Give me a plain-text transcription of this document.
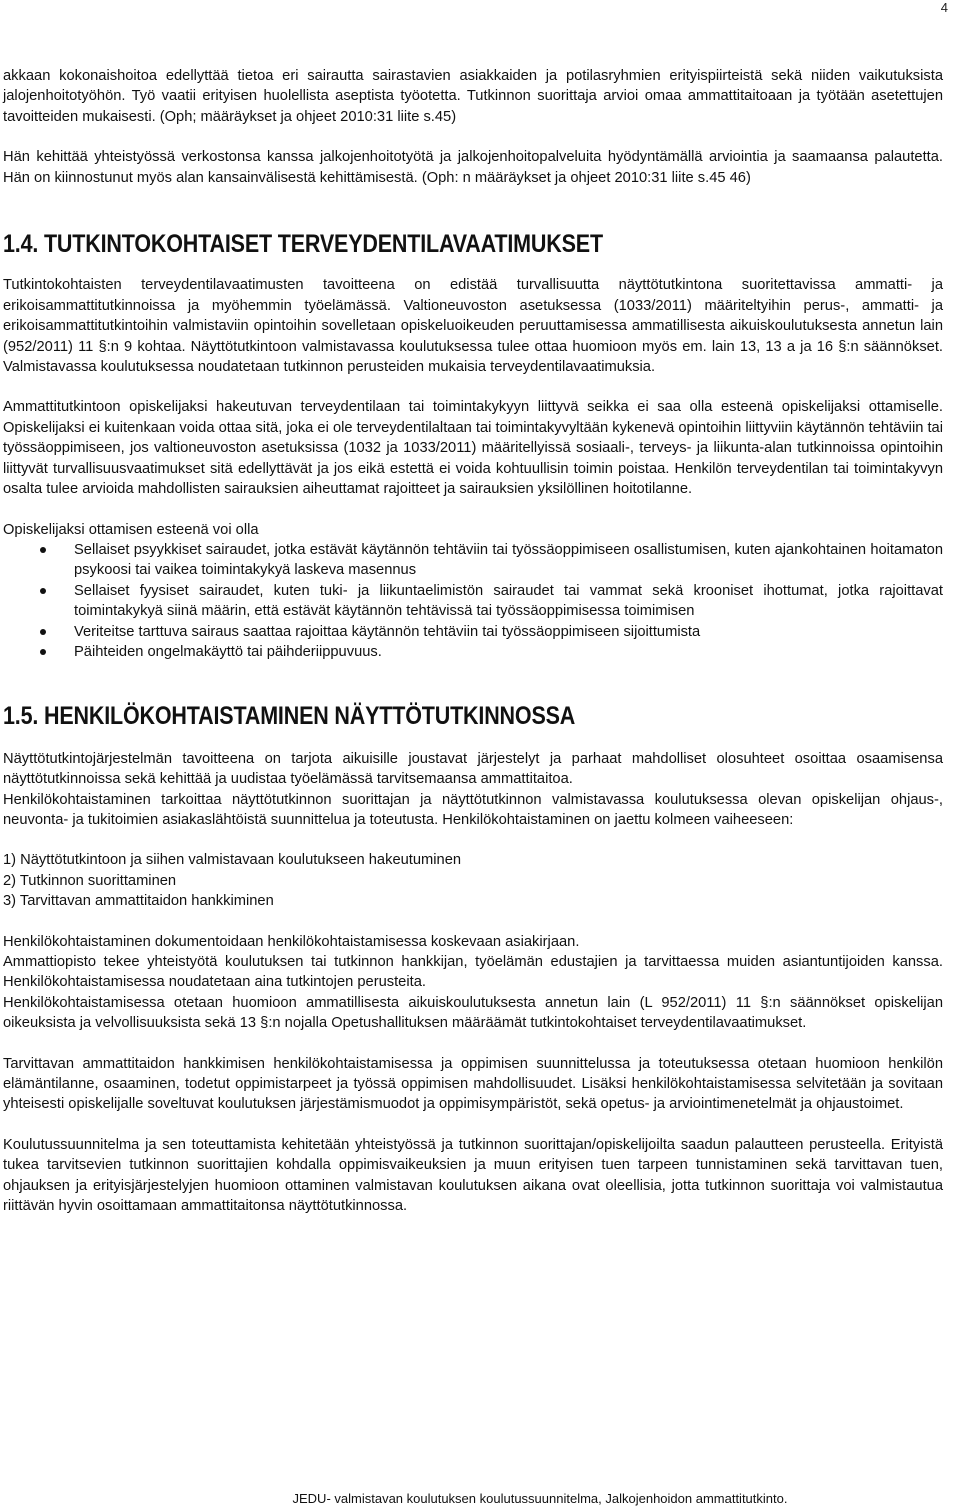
4

akkaan kokonaishoitoa edellyttää tietoa eri sairautta sairastavien asiakkaiden ja potilasryhmien erityispiirteistä sekä niiden vaikutuksista jalojenhoitotyöhön. Työ vaatii erityisen huolellista aseptista työotetta. Tutkinnon suorittaja arvioi omaa ammattitaitoaan ja työtään asetettujen tavoitteiden mukaisesti. (Oph; määräykset ja ohjeet 2010:31 liite s.45)

Hän kehittää yhteistyössä verkostonsa kanssa jalkojenhoitotyötä ja jalkojenhoitopalveluita hyödyntämällä arviointia ja saamaansa palautetta. Hän on kiinnostunut myös alan kansainvälisestä kehittämisestä. (Oph: n määräykset ja ohjeet 2010:31 liite s.45 46)

1.4. TUTKINTOKOHTAISET TERVEYDENTILAVAATIMUKSET

Tutkintokohtaisten terveydentilavaatimusten tavoitteena on edistää turvallisuutta näyttötutkintona suoritettavissa ammatti- ja erikoisammattitutkinnoissa ja myöhemmin työelämässä. Valtioneuvoston asetuksessa (1033/2011) määriteltyihin perus-, ammatti- ja erikoisammattitutkintoihin valmistaviin opintoihin sovelletaan opiskeluoikeuden peruuttamisessa ammatillisesta aikuiskoulutuksesta annetun lain (952/2011) 11 §:n 9 kohtaa. Näyttötutkintoon valmistavassa koulutuksessa tulee ottaa huomioon myös em. lain 13, 13 a ja 16 §:n säännökset. Valmistavassa koulutuksessa noudatetaan tutkinnon perusteiden mukaisia terveydentilavaatimuksia.

Ammattitutkintoon opiskelijaksi hakeutuvan terveydentilaan tai toimintakykyyn liittyvä seikka ei saa olla esteenä opiskelijaksi ottamiselle. Opiskelijaksi ei kuitenkaan voida ottaa sitä, joka ei ole terveydentilaltaan tai toimintakyvyltään kykenevä opintoihin liittyviin käytännön tehtäviin tai työssäoppimiseen, jos valtioneuvoston asetuksissa (1032 ja 1033/2011) määritellyissä sosiaali-, terveys- ja liikunta-alan tutkinnoissa opintoihin liittyvät turvallisuusvaatimukset sitä edellyttävät ja jos eikä estettä ei voida kohtuullisin toimin poistaa. Henkilön terveydentilan tai toimintakyvyn osalta tulee arvioida mahdollisten sairauksien aiheuttamat rajoitteet ja sairauksien yksilöllinen hoitotilanne.

Opiskelijaksi ottamisen esteenä voi olla

Sellaiset psyykkiset sairaudet, jotka estävät käytännön tehtäviin tai työssäoppimiseen osallistumisen, kuten ajankohtainen hoitamaton psykoosi tai vaikea toimintakykyä laskeva masennus
Sellaiset fyysiset sairaudet, kuten tuki- ja liikuntaelimistön sairaudet tai vammat sekä krooniset ihottumat, jotka rajoittavat toimintakykyä siinä määrin, että estävät käytännön tehtävissä tai työssäoppimisessa toimimisen
Veriteitse tarttuva sairaus saattaa rajoittaa käytännön tehtäviin tai työssäoppimiseen sijoittumista
Päihteiden ongelmakäyttö tai päihderiippuvuus.
1.5. HENKILÖKOHTAISTAMINEN NÄYTTÖTUTKINNOSSA

Näyttötutkintojärjestelmän tavoitteena on tarjota aikuisille joustavat järjestelyt ja parhaat mahdolliset olosuhteet osoittaa osaamisensa näyttötutkinnoissa sekä kehittää ja uudistaa työelämässä tarvitsemaansa ammattitaitoa.

Henkilökohtaistaminen tarkoittaa näyttötutkinnon suorittajan ja näyttötutkinnon valmistavassa koulutuksessa olevan opiskelijan ohjaus-, neuvonta- ja tukitoimien asiakaslähtöistä suunnittelua ja toteutusta. Henkilökohtaistaminen on jaettu kolmeen vaiheeseen:

1) Näyttötutkintoon ja siihen valmistavaan koulutukseen hakeutuminen

2) Tutkinnon suorittaminen

3) Tarvittavan ammattitaidon hankkiminen

Henkilökohtaistaminen dokumentoidaan henkilökohtaistamisessa koskevaan asiakirjaan.

Ammattiopisto tekee yhteistyötä koulutuksen tai tutkinnon hankkijan, työelämän edustajien ja tarvittaessa muiden asiantuntijoiden kanssa. Henkilökohtaistamisessa noudatetaan aina tutkintojen perusteita.

Henkilökohtaistamisessa otetaan huomioon ammatillisesta aikuiskoulutuksesta annetun lain (L 952/2011) 11 §:n säännökset opiskelijan oikeuksista ja velvollisuuksista sekä 13 §:n nojalla Opetushallituksen määräämät tutkintokohtaiset terveydentilavaatimukset.

Tarvittavan ammattitaidon hankkimisen henkilökohtaistamisessa ja oppimisen suunnittelussa ja toteutuksessa otetaan huomioon henkilön elämäntilanne, osaaminen, todetut oppimistarpeet ja työssä oppimisen mahdollisuudet. Lisäksi henkilökohtaistamisessa selvitetään ja sovitaan yhteisesti opiskelijalle soveltuvat koulutuksen järjestämismuodot ja oppimisympäristöt, sekä opetus- ja arviointimenetelmät ja ohjaustoimet.

Koulutussuunnitelma ja sen toteuttamista kehitetään yhteistyössä ja tutkinnon suorittajan/opiskelijoilta saadun palautteen perusteella. Erityistä tukea tarvitsevien tutkinnon suorittajien kohdalla oppimisvaikeuksien ja muun erityisen tuen tarpeen tunnistaminen sekä tarvittavan tuen, ohjauksen ja erityisjärjestelyjen huomioon ottaminen valmistavan koulutuksen aikana ovat oleellisia, jotta tutkinnon suorittaja voi valmistautua riittävän hyvin osoittamaan ammattitaitonsa näyttötutkinnossa.

JEDU- valmistavan koulutuksen koulutussuunnitelma, Jalkojenhoidon ammattitutkinto.
